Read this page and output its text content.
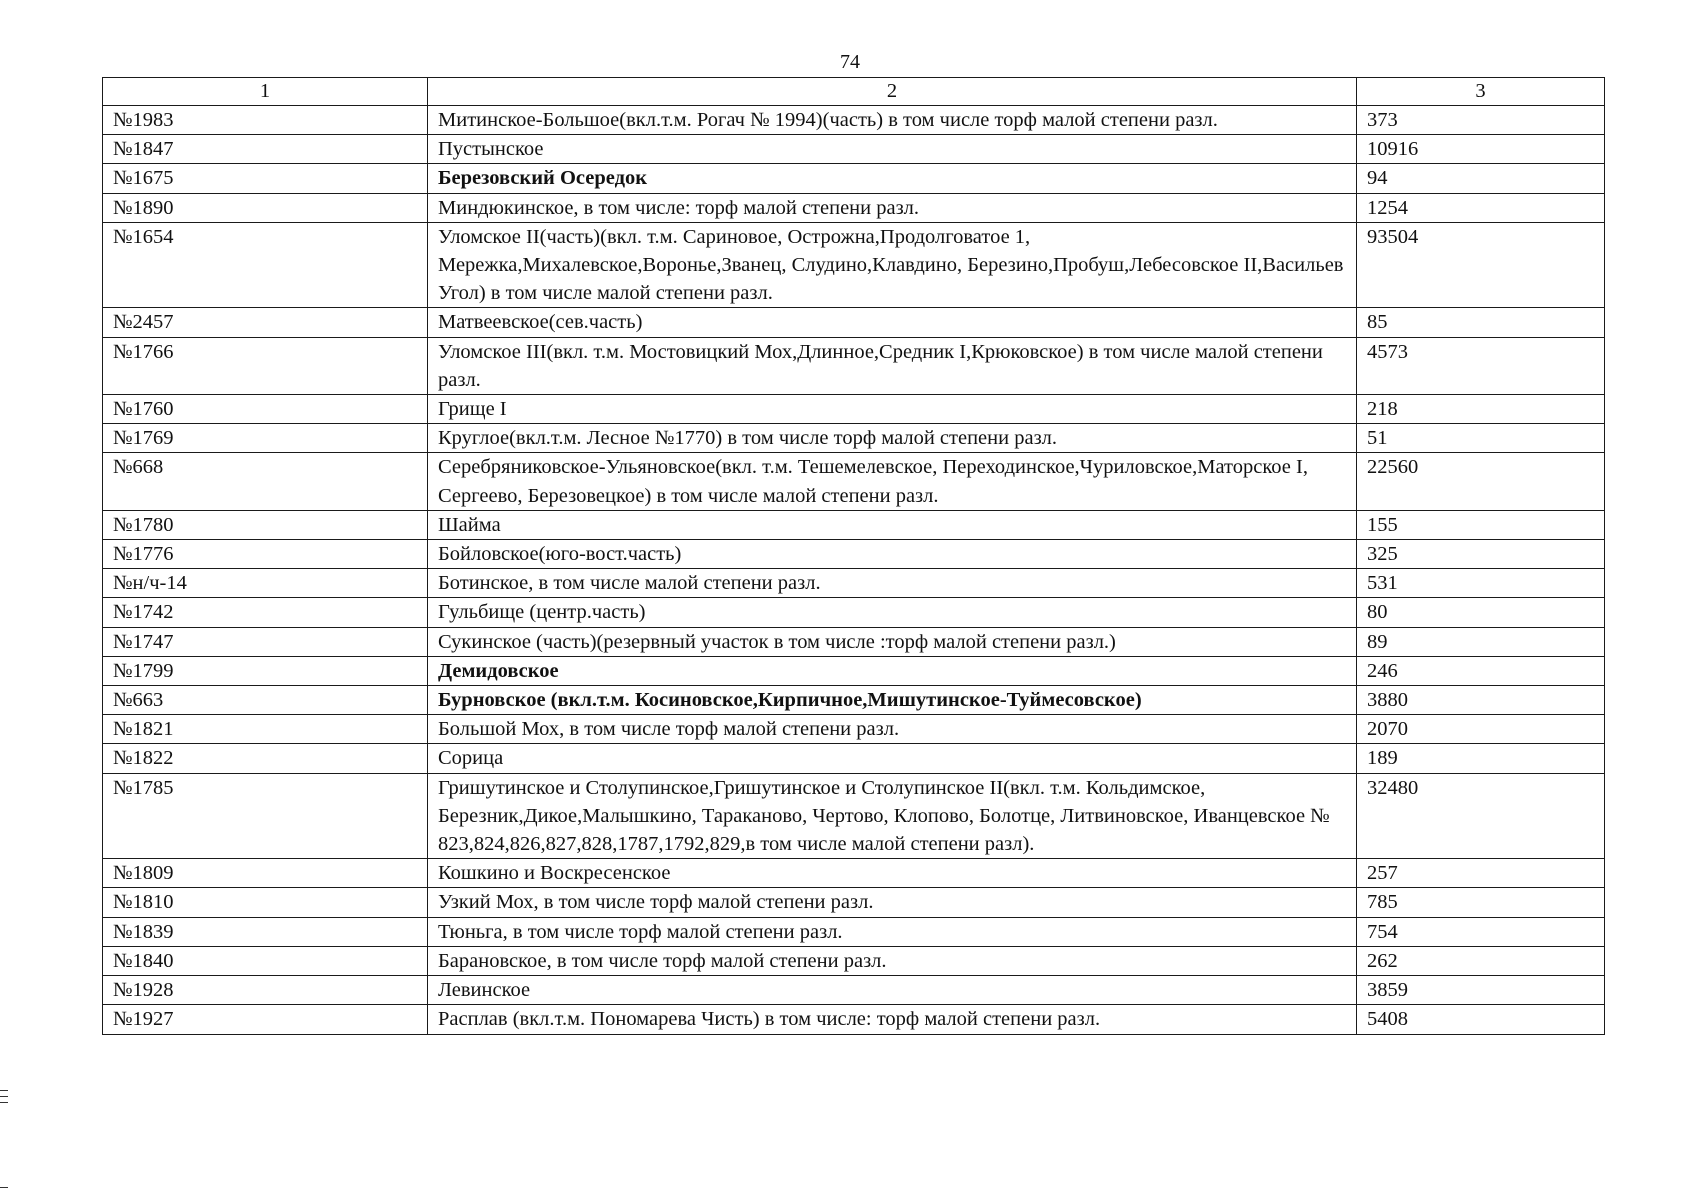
74
1	2	3
№1983	Митинское-Большое(вкл.т.м. Рогач № 1994)(часть) в том числе торф малой степени разл.	373
№1847	Пустынское	10916
№1675	Березовский Осередок	94
№1890	Миндюкинское, в том числе: торф малой степени разл.	1254
№1654	Уломское II(часть)(вкл. т.м. Сариновое, Острожна,Продолговатое 1, Мережка,Михалевское,Воронье,Званец, Слудино,Клавдино, Березино,Пробуш,Лебесовское II,Васильев Угол) в том числе малой степени разл.	93504
№2457	Матвеевское(сев.часть)	85
№1766	Уломское III(вкл. т.м. Мостовицкий Мох,Длинное,Средник I,Крюковское) в том числе малой степени разл.	4573
№1760	Грище I	218
№1769	Круглое(вкл.т.м. Лесное №1770) в том числе торф малой степени разл.	51
№668	Серебряниковское-Ульяновское(вкл. т.м. Тешемелевское, Переходинское,Чуриловское,Маторское I, Сергеево, Березовецкое) в том числе малой степени разл.	22560
№1780	Шайма	155
№1776	Бойловское(юго-вост.часть)	325
№н/ч-14	Ботинское, в том числе малой степени разл.	531
№1742	Гульбище (центр.часть)	80
№1747	Сукинское (часть)(резервный участок в том числе :торф малой степени разл.)	89
№1799	Демидовское	246
№663	Бурновское (вкл.т.м. Косиновское,Кирпичное,Мишутинское-Туймесовское)	3880
№1821	Большой Мох, в том числе торф малой степени разл.	2070
№1822	Сорица	189
№1785	Гришутинское и Столупинское,Гришутинское и Столупинское II(вкл. т.м. Кольдимское, Березник,Дикое,Малышкино, Тараканово, Чертово, Клопово, Болотце, Литвиновское, Иванцевское № 823,824,826,827,828,1787,1792,829,в том числе малой степени разл).	32480
№1809	Кошкино и Воскресенское	257
№1810	Узкий Мох, в том числе торф малой степени разл.	785
№1839	Тюньга, в том числе торф малой степени разл.	754
№1840	Барановское, в том числе торф малой степени разл.	262
№1928	Левинское	3859
№1927	Расплав (вкл.т.м. Пономарева Чисть) в том числе: торф малой степени разл.	5408
